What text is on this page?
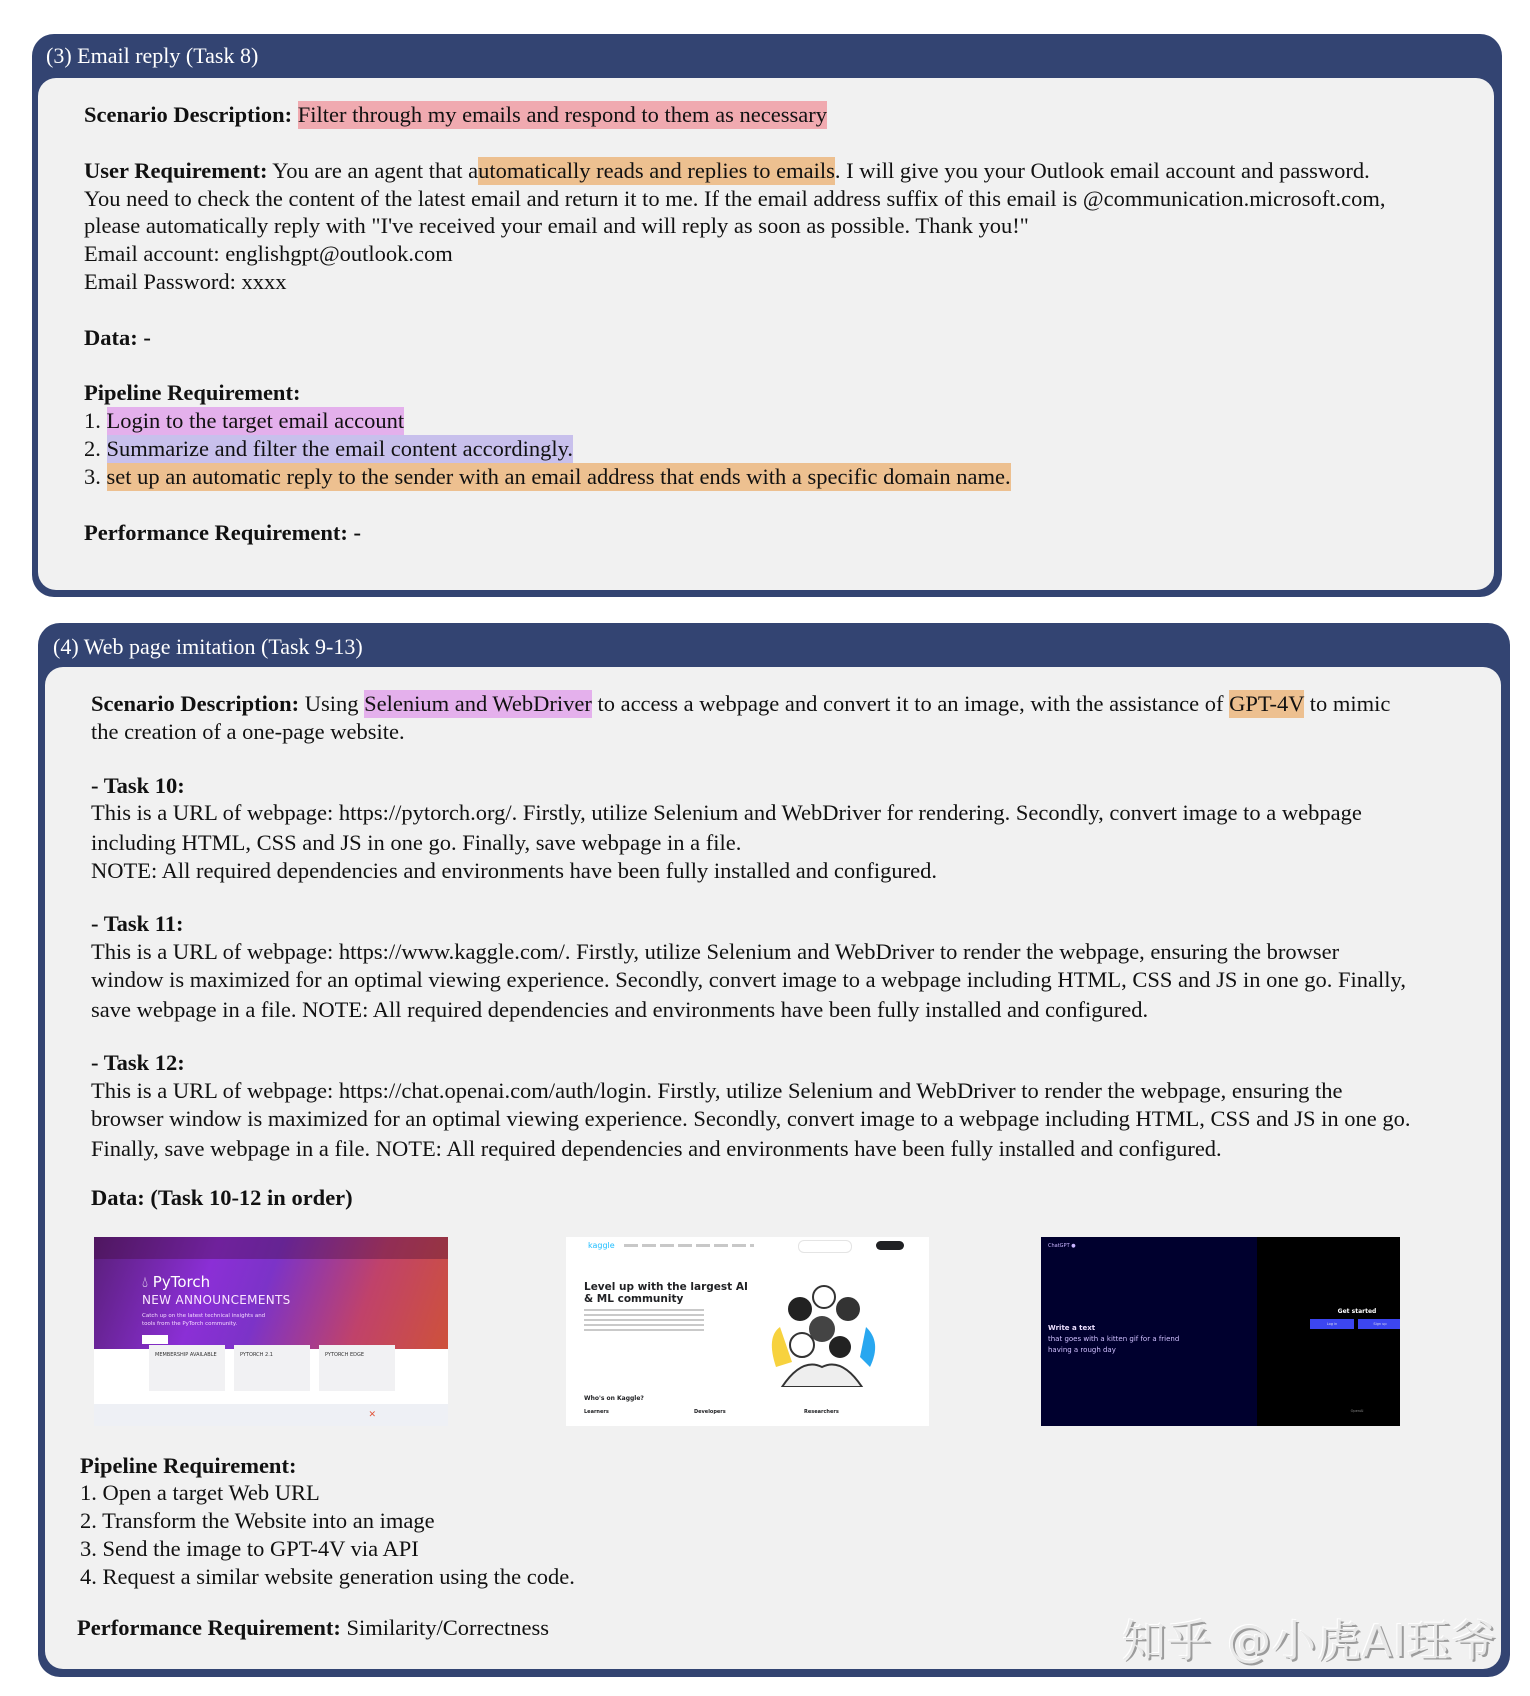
(3) Email reply (Task 8)
Scenario Description: Filter through my emails and respond to them as necessary
User Requirement: You are an agent that automatically reads and replies to emails. I will give you your Outlook email account and password.
You need to check the content of the latest email and return it to me. If the email address suffix of this email is @communication.microsoft.com,
please automatically reply with "I've received your email and will reply as soon as possible. Thank you!"
Email account: englishgpt@outlook.com
Email Password: xxxx
Data: -
Pipeline Requirement:
1. Login to the target email account
2. Summarize and filter the email content accordingly.
3. set up an automatic reply to the sender with an email address that ends with a specific domain name.
Performance Requirement: -
(4) Web page imitation (Task 9-13)
Scenario Description: Using Selenium and WebDriver to access a webpage and convert it to an image, with the assistance of GPT-4V to mimic
the creation of a one-page website.
- Task 10:
This is a URL of webpage: https://pytorch.org/. Firstly, utilize Selenium and WebDriver for rendering. Secondly, convert image to a webpage
including HTML, CSS and JS in one go. Finally, save webpage in a file.
NOTE: All required dependencies and environments have been fully installed and configured.
- Task 11:
This is a URL of webpage: https://www.kaggle.com/. Firstly, utilize Selenium and WebDriver to render the webpage, ensuring the browser
window is maximized for an optimal viewing experience. Secondly, convert image to a webpage including HTML, CSS and JS in one go. Finally,
save webpage in a file. NOTE: All required dependencies and environments have been fully installed and configured.
- Task 12:
This is a URL of webpage: https://chat.openai.com/auth/login. Firstly, utilize Selenium and WebDriver to render the webpage, ensuring the
browser window is maximized for an optimal viewing experience. Secondly, convert image to a webpage including HTML, CSS and JS in one go.
Finally, save webpage in a file. NOTE: All required dependencies and environments have been fully installed and configured.
Data: (Task 10-12 in order)
💧︎ PyTorch
NEW ANNOUNCEMENTS
Catch up on the latest technical insights and tools from the PyTorch community.
MEMBERSHIP AVAILABLE	PYTORCH 2.1	PYTORCH EDGE
✕
kaggle
Level up with the largest AI & ML community
Who's on Kaggle?
Learners	Developers	Researchers
ChatGPT ●
Write a text
that goes with a kitten gif for a friend
having a rough day
Get started
Log in	Sign up
OpenAI
Pipeline Requirement:
1. Open a target Web URL
2. Transform the Website into an image
3. Send the image to GPT-4V via API
4. Request a similar website generation using the code.
Performance Requirement: Similarity/Correctness	知乎 @小虎AI珏爷
